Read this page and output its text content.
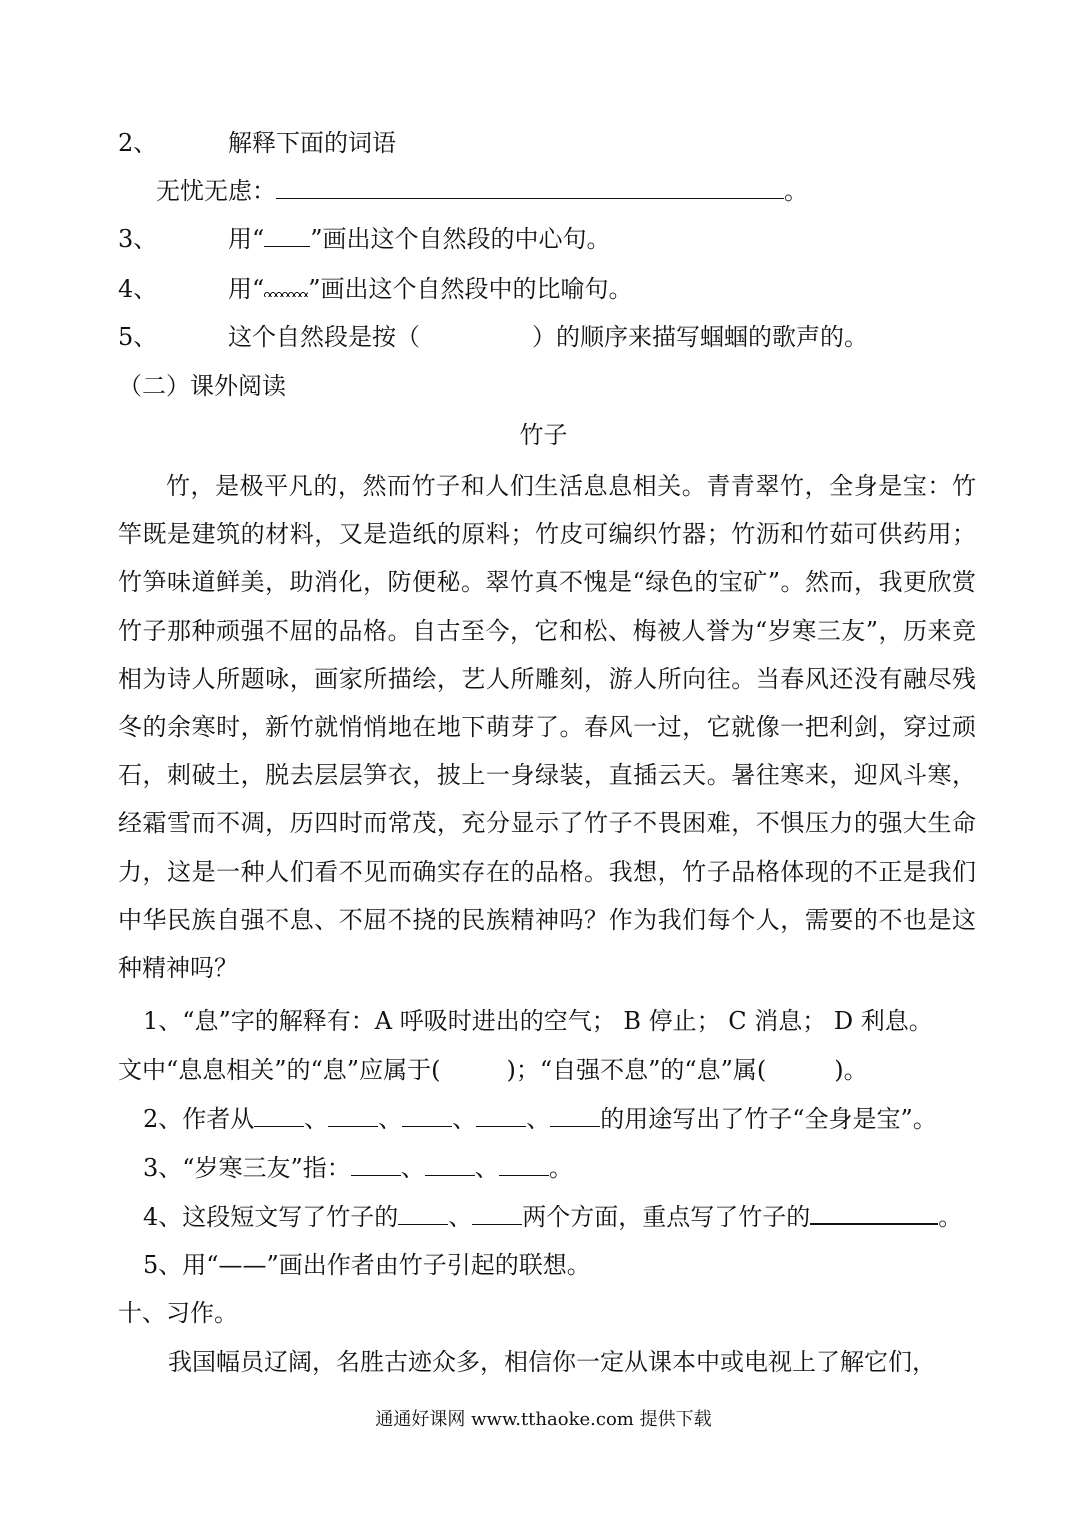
2、	解释下面的词语
无忧无虑：	。
3、	用“ ”画出这个自然段的中心句。
4、	用“ ”画出这个自然段中的比喻句。
5、	这个自然段是按（	）的顺序来描写蝈蝈的歌声的。
（二）课外阅读
竹子
竹，是极平凡的，然而竹子和人们生活息息相关。青青翠竹，全身是宝：竹竿既是建筑的材料，又是造纸的原料；竹皮可编织竹器；竹沥和竹茹可供药用；竹笋味道鲜美，助消化，防便秘。翠竹真不愧是“绿色的宝矿”。然而，我更欣赏竹子那种顽强不屈的品格。自古至今，它和松、梅被人誉为“岁寒三友”，历来竞相为诗人所题咏，画家所描绘，艺人所雕刻，游人所向往。当春风还没有融尽残冬的余寒时，新竹就悄悄地在地下萌芽了。春风一过，它就像一把利剑，穿过顽石，刺破土，脱去层层笋衣，披上一身绿装，直插云天。暑往寒来，迎风斗寒，经霜雪而不凋，历四时而常茂，充分显示了竹子不畏困难，不惧压力的强大生命力，这是一种人们看不见而确实存在的品格。我想，竹子品格体现的不正是我们中华民族自强不息、不屈不挠的民族精神吗？作为我们每个人，需要的不也是这种精神吗？
1、“息”字的解释有：A 呼吸时进出的空气； B 停止； C 消息； D 利息。
文中“息息相关”的“息”应属于(	)；“自强不息”的“息”属(	)。
2、作者从 、 、 、 、 的用途写出了竹子“全身是宝”。
3、“岁寒三友”指： 、 、 。
4、这段短文写了竹子的 、 两个方面，重点写了竹子的	。
5、用“——”画出作者由竹子引起的联想。
十、习作。
我国幅员辽阔，名胜古迹众多，相信你一定从课本中或电视上了解它们，
通通好课网 www.tthaoke.com 提供下载
